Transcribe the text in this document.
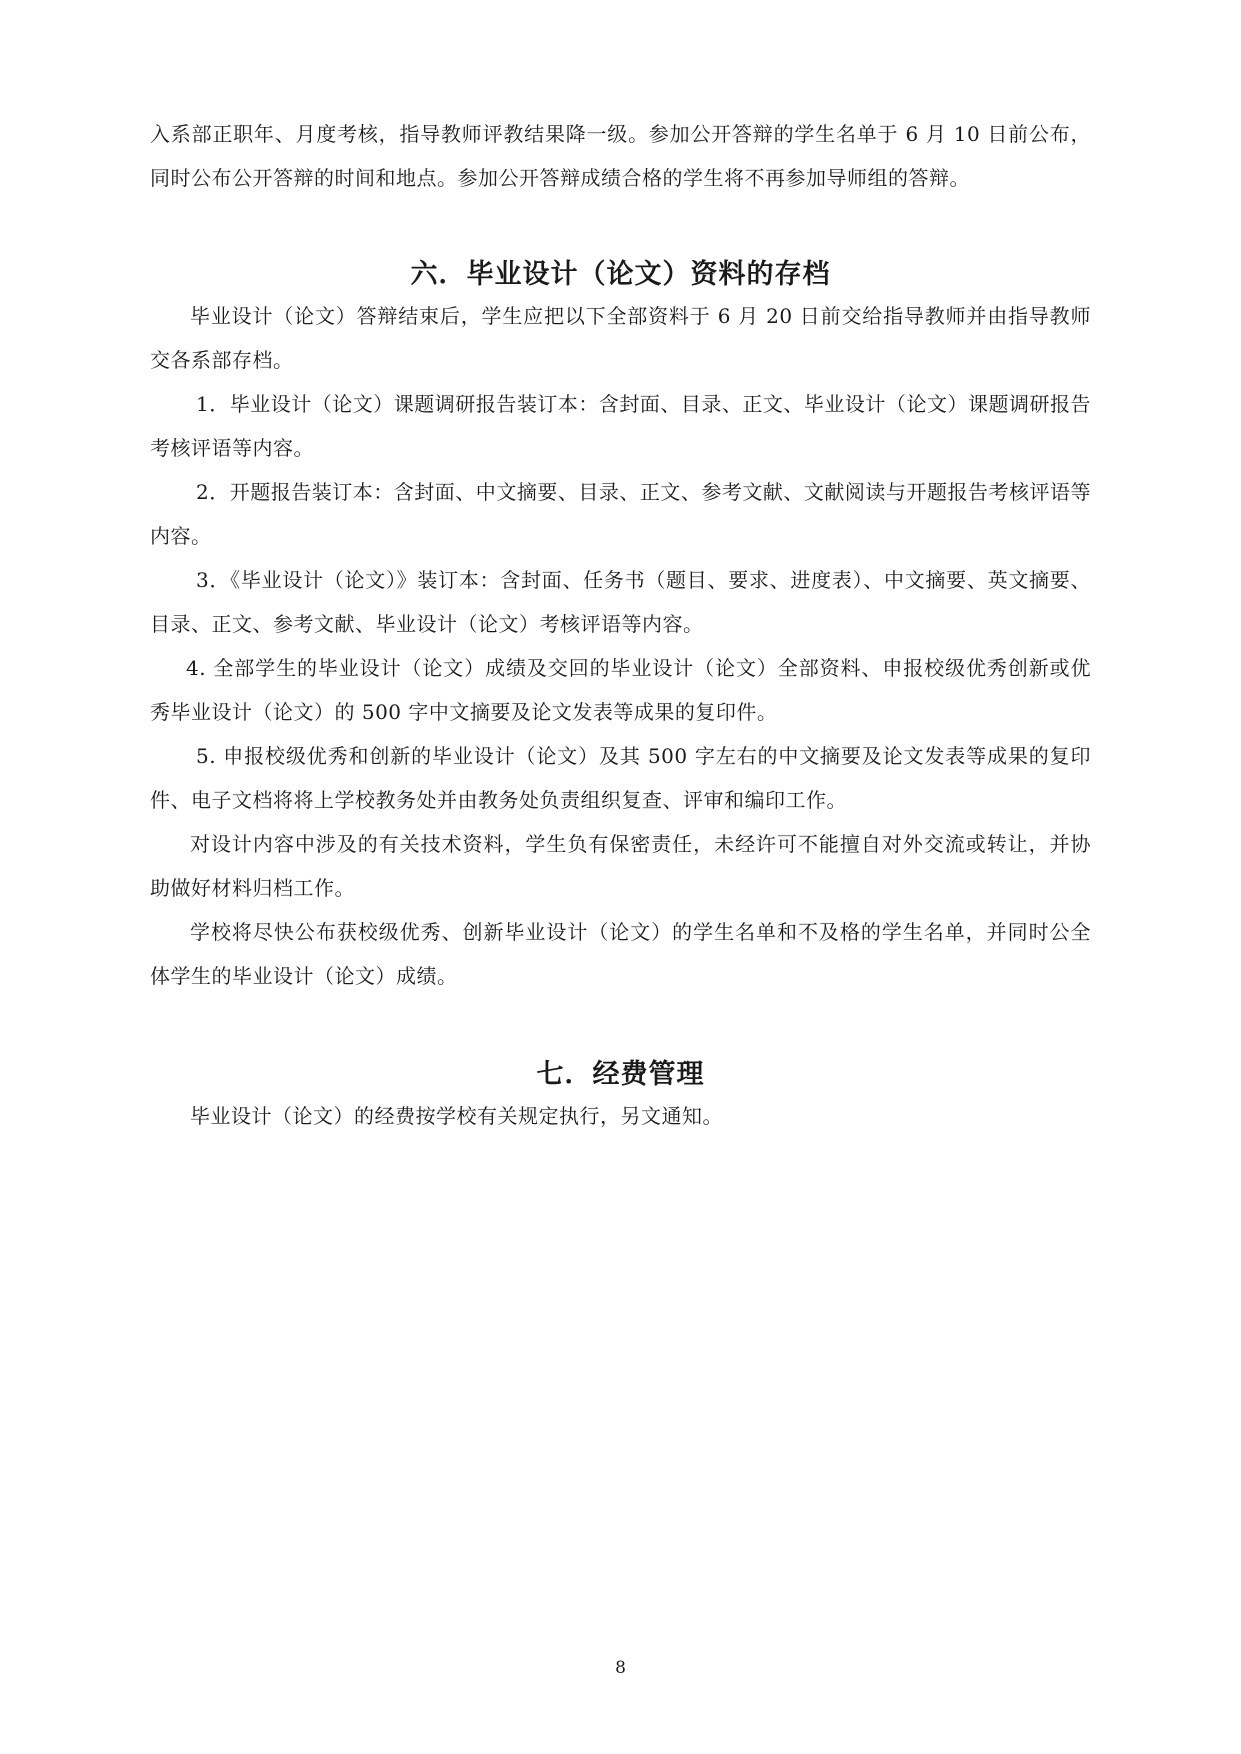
入系部正职年、月度考核，指导教师评教结果降一级。参加公开答辩的学生名单于 6 月 10 日前公布，同时公布公开答辩的时间和地点。参加公开答辩成绩合格的学生将不再参加导师组的答辩。

六．毕业设计（论文）资料的存档

毕业设计（论文）答辩结束后，学生应把以下全部资料于 6 月 20 日前交给指导教师并由指导教师交各系部存档。

1．毕业设计（论文）课题调研报告装订本：含封面、目录、正文、毕业设计（论文）课题调研报告考核评语等内容。

2．开题报告装订本：含封面、中文摘要、目录、正文、参考文献、文献阅读与开题报告考核评语等内容。

3．《毕业设计（论文）》装订本：含封面、任务书（题目、要求、进度表）、中文摘要、英文摘要、目录、正文、参考文献、毕业设计（论文）考核评语等内容。

4. 全部学生的毕业设计（论文）成绩及交回的毕业设计（论文）全部资料、申报校级优秀创新或优秀毕业设计（论文）的 500 字中文摘要及论文发表等成果的复印件。

5. 申报校级优秀和创新的毕业设计（论文）及其 500 字左右的中文摘要及论文发表等成果的复印件、电子文档将将上学校教务处并由教务处负责组织复查、评审和编印工作。

对设计内容中涉及的有关技术资料，学生负有保密责任，未经许可不能擅自对外交流或转让，并协助做好材料归档工作。

学校将尽快公布获校级优秀、创新毕业设计（论文）的学生名单和不及格的学生名单，并同时公全体学生的毕业设计（论文）成绩。

七．经费管理

毕业设计（论文）的经费按学校有关规定执行，另文通知。

8
